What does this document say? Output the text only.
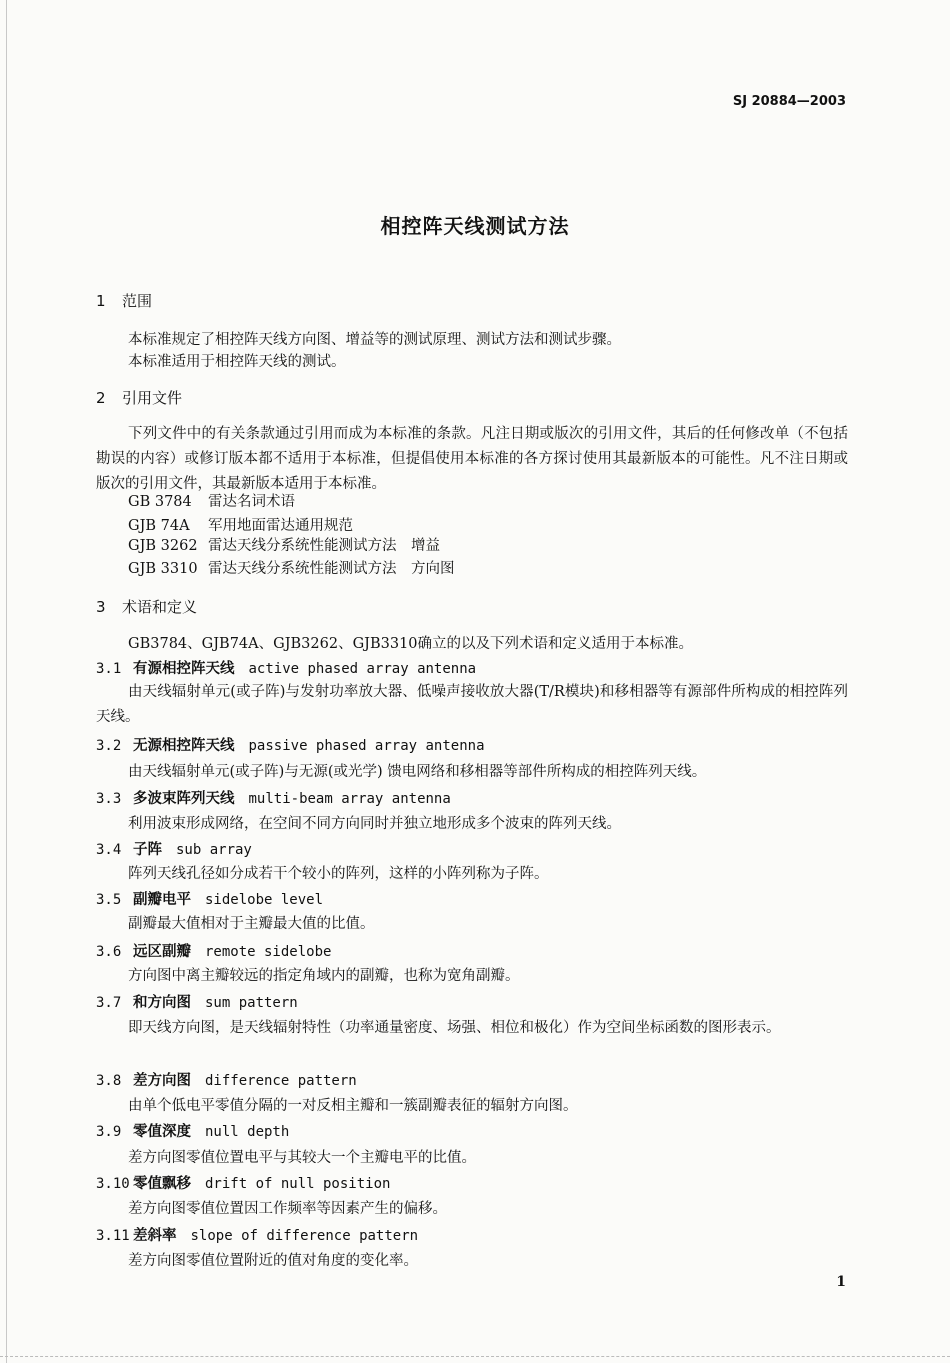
SJ 20884—2003
相控阵天线测试方法
1 范围
本标准规定了相控阵天线方向图、增益等的测试原理、测试方法和测试步骤。
本标准适用于相控阵天线的测试。
2 引用文件
下列文件中的有关条款通过引用而成为本标准的条款。凡注日期或版次的引用文件，其后的任何修改单（不包括勘误的内容）或修订版本都不适用于本标准，但提倡使用本标准的各方探讨使用其最新版本的可能性。凡不注日期或版次的引用文件，其最新版本适用于本标准。
GB 3784 雷达名词术语
GJB 74A 军用地面雷达通用规范
GJB 3262 雷达天线分系统性能测试方法　增益
GJB 3310 雷达天线分系统性能测试方法　方向图
3 术语和定义
GB3784、GJB74A、GJB3262、GJB3310确立的以及下列术语和定义适用于本标准。
3.1 有源相控阵天线 active phased array antenna
由天线辐射单元(或子阵)与发射功率放大器、低噪声接收放大器(T/R模块)和移相器等有源部件所构成的相控阵列天线。
3.2 无源相控阵天线 passive phased array antenna
由天线辐射单元(或子阵)与无源(或光学) 馈电网络和移相器等部件所构成的相控阵列天线。
3.3 多波束阵列天线 multi-beam array antenna
利用波束形成网络，在空间不同方向同时并独立地形成多个波束的阵列天线。
3.4 子阵 sub array
阵列天线孔径如分成若干个较小的阵列，这样的小阵列称为子阵。
3.5 副瓣电平 sidelobe level
副瓣最大值相对于主瓣最大值的比值。
3.6 远区副瓣 remote sidelobe
方向图中离主瓣较远的指定角域内的副瓣，也称为宽角副瓣。
3.7 和方向图 sum pattern
即天线方向图，是天线辐射特性（功率通量密度、场强、相位和极化）作为空间坐标函数的图形表示。
3.8 差方向图 difference pattern
由单个低电平零值分隔的一对反相主瓣和一簇副瓣表征的辐射方向图。
3.9 零值深度 null depth
差方向图零值位置电平与其较大一个主瓣电平的比值。
3.10 零值飘移 drift of null position
差方向图零值位置因工作频率等因素产生的偏移。
3.11 差斜率 slope of difference pattern
差方向图零值位置附近的值对角度的变化率。
1
